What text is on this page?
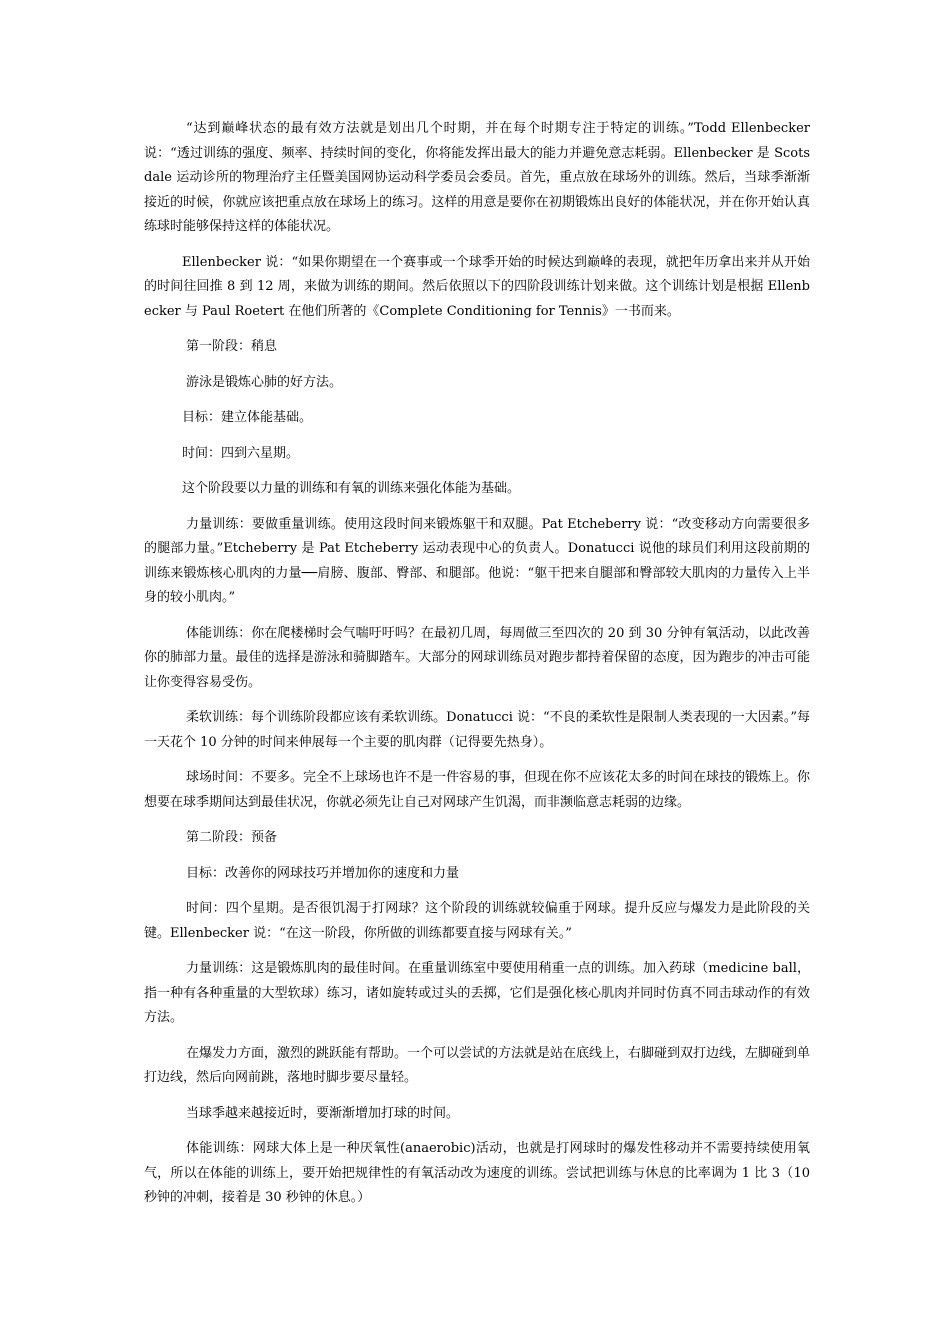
“达到巅峰状态的最有效方法就是划出几个时期，并在每个时期专注于特定的训练。”Todd Ellenbecker 说：“透过训练的强度、频率、持续时间的变化，你将能发挥出最大的能力并避免意志耗弱。Ellenbecker 是 Scotsdale 运动诊所的物理治疗主任暨美国网协运动科学委员会委员。首先，重点放在球场外的训练。然后，当球季渐渐接近的时候，你就应该把重点放在球场上的练习。这样的用意是要你在初期锻炼出良好的体能状况，并在你开始认真练球时能够保持这样的体能状况。

Ellenbecker 说：“如果你期望在一个赛事或一个球季开始的时候达到巅峰的表现，就把年历拿出来并从开始的时间往回推 8 到 12 周，来做为训练的期间。然后依照以下的四阶段训练计划来做。这个训练计划是根据 Ellenbecker 与 Paul Roetert 在他们所著的《Complete Conditioning for Tennis》一书而来。

第一阶段：稍息

游泳是锻炼心肺的好方法。

目标：建立体能基础。

时间：四到六星期。

这个阶段要以力量的训练和有氧的训练来强化体能为基础。

力量训练：要做重量训练。使用这段时间来锻炼躯干和双腿。Pat Etcheberry 说：“改变移动方向需要很多的腿部力量。”Etcheberry 是 Pat Etcheberry 运动表现中心的负责人。Donatucci 说他的球员们利用这段前期的训练来锻炼核心肌肉的力量──肩膀、腹部、臀部、和腿部。他说：“躯干把来自腿部和臀部较大肌肉的力量传入上半身的较小肌肉。”

体能训练：你在爬楼梯时会气喘吁吁吗？在最初几周，每周做三至四次的 20 到 30 分钟有氧活动，以此改善你的肺部力量。最佳的选择是游泳和骑脚踏车。大部分的网球训练员对跑步都持着保留的态度，因为跑步的冲击可能让你变得容易受伤。

柔软训练：每个训练阶段都应该有柔软训练。Donatucci 说：“不良的柔软性是限制人类表现的一大因素。”每一天花个 10 分钟的时间来伸展每一个主要的肌肉群（记得要先热身）。

球场时间：不要多。完全不上球场也许不是一件容易的事，但现在你不应该花太多的时间在球技的锻炼上。你想要在球季期间达到最佳状况，你就必须先让自己对网球产生饥渴，而非濒临意志耗弱的边缘。

第二阶段：预备

目标：改善你的网球技巧并增加你的速度和力量

时间：四个星期。是否很饥渴于打网球？这个阶段的训练就较偏重于网球。提升反应与爆发力是此阶段的关键。Ellenbecker 说：“在这一阶段，你所做的训练都要直接与网球有关。”

力量训练：这是锻炼肌肉的最佳时间。在重量训练室中要使用稍重一点的训练。加入药球（medicine ball，指一种有各种重量的大型软球）练习，诸如旋转或过头的丢掷，它们是强化核心肌肉并同时仿真不同击球动作的有效方法。

在爆发力方面，激烈的跳跃能有帮助。一个可以尝试的方法就是站在底线上，右脚碰到双打边线，左脚碰到单打边线，然后向网前跳，落地时脚步要尽量轻。

当球季越来越接近时，要渐渐增加打球的时间。

体能训练：网球大体上是一种厌氧性(anaerobic)活动，也就是打网球时的爆发性移动并不需要持续使用氧气，所以在体能的训练上，要开始把规律性的有氧活动改为速度的训练。尝试把训练与休息的比率调为 1 比 3（10 秒钟的冲刺，接着是 30 秒钟的休息。）
